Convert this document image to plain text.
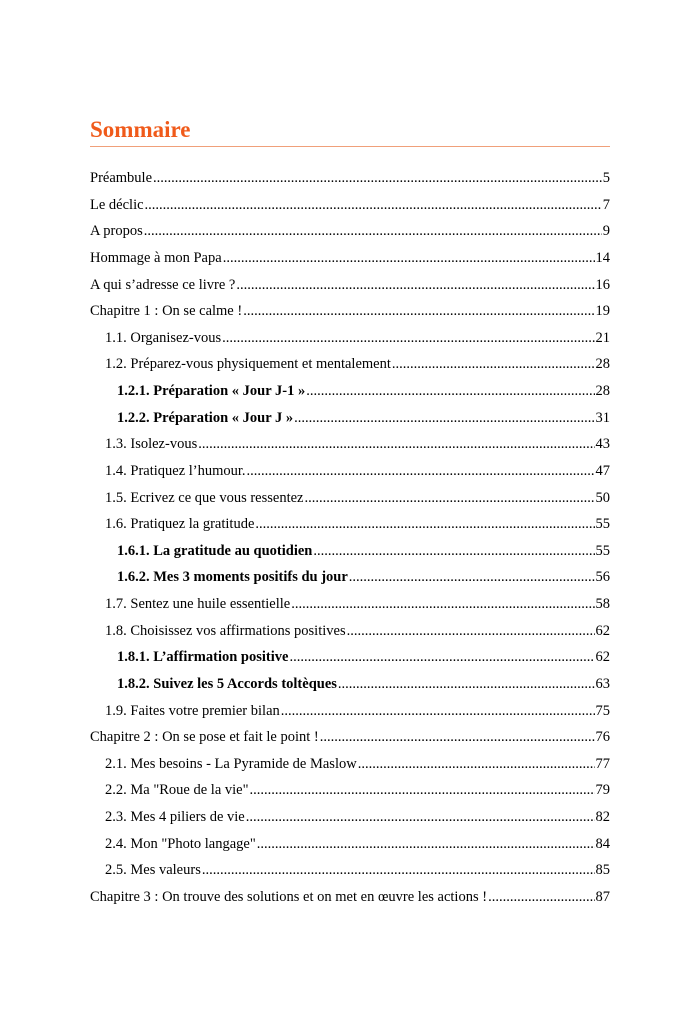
Sommaire
Préambule .....	5
Le déclic .....	7
A propos .....	9
Hommage à mon Papa .....	14
A qui s’adresse ce livre ? .....	16
Chapitre 1 : On se calme ! .....	19
1.1. Organisez-vous .....	21
1.2. Préparez-vous physiquement et mentalement .....	28
1.2.1. Préparation « Jour J-1 » .....	28
1.2.2. Préparation « Jour J » .....	31
1.3. Isolez-vous .....	43
1.4. Pratiquez l’humour. .....	47
1.5. Ecrivez ce que vous ressentez .....	50
1.6. Pratiquez la gratitude .....	55
1.6.1. La gratitude au quotidien .....	55
1.6.2. Mes 3 moments positifs du jour .....	56
1.7. Sentez une huile essentielle .....	58
1.8. Choisissez vos affirmations positives .....	62
1.8.1. L’affirmation positive .....	62
1.8.2. Suivez les 5 Accords toltèques .....	63
1.9. Faites votre premier bilan .....	75
Chapitre 2 : On se pose et fait le point ! .....	76
2.1. Mes besoins - La Pyramide de Maslow .....	77
2.2. Ma "Roue de la vie" .....	79
2.3. Mes 4 piliers de vie .....	82
2.4. Mon "Photo langage" .....	84
2.5. Mes valeurs .....	85
Chapitre 3 : On trouve des solutions et on met en œuvre les actions ! .....	87
